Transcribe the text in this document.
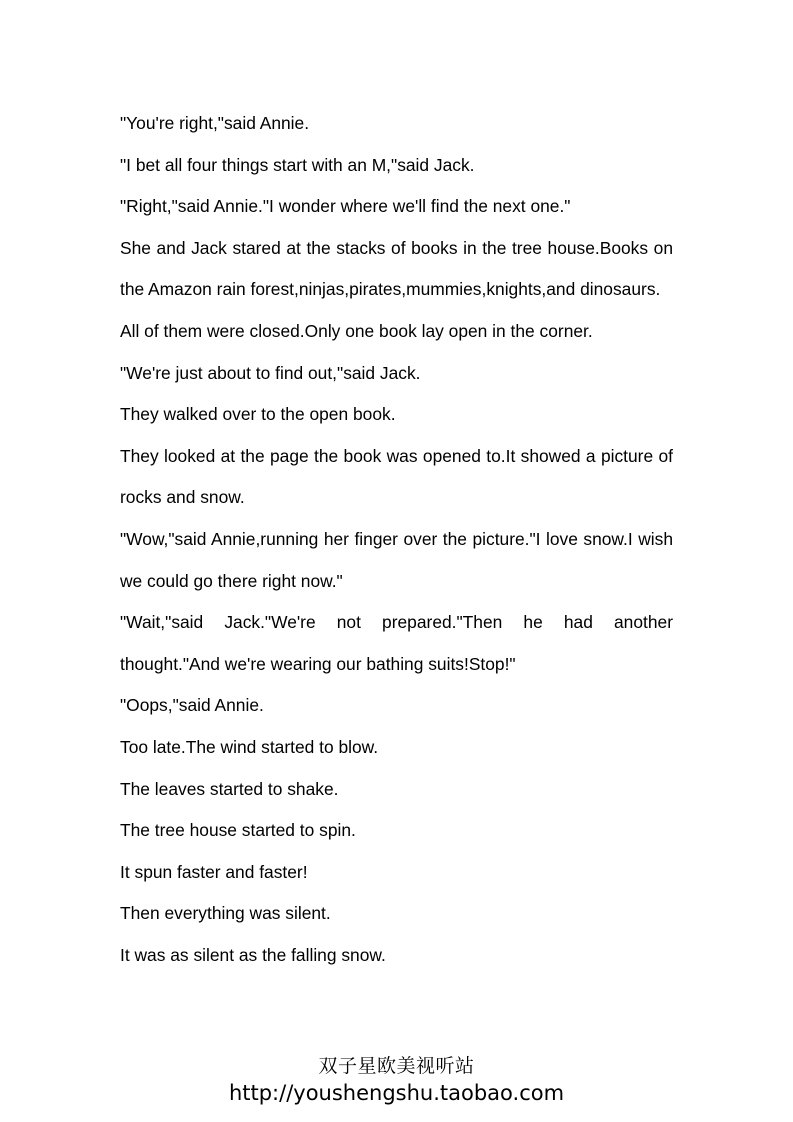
"You're right,"said Annie.

"I bet all four things start with an M,"said Jack.

"Right,"said Annie."I wonder where we'll find the next one."

She and Jack stared at the stacks of books in the tree house.Books on the Amazon rain forest,ninjas,pirates,mummies,knights,and dinosaurs.

All of them were closed.Only one book lay open in the corner.

"We're just about to find out,"said Jack.

They walked over to the open book.

They looked at the page the book was opened to.It showed a picture of rocks and snow.

"Wow,"said Annie,running her finger over the picture."I love snow.I wish we could go there right now."

"Wait,"said Jack."We're not prepared."Then he had another thought."And we're wearing our bathing suits!Stop!"

"Oops,"said Annie.

Too late.The wind started to blow.

The leaves started to shake.

The tree house started to spin.

It spun faster and faster!

Then everything was silent.

It was as silent as the falling snow.

双子星欧美视听站
http://youshengshu.taobao.com
